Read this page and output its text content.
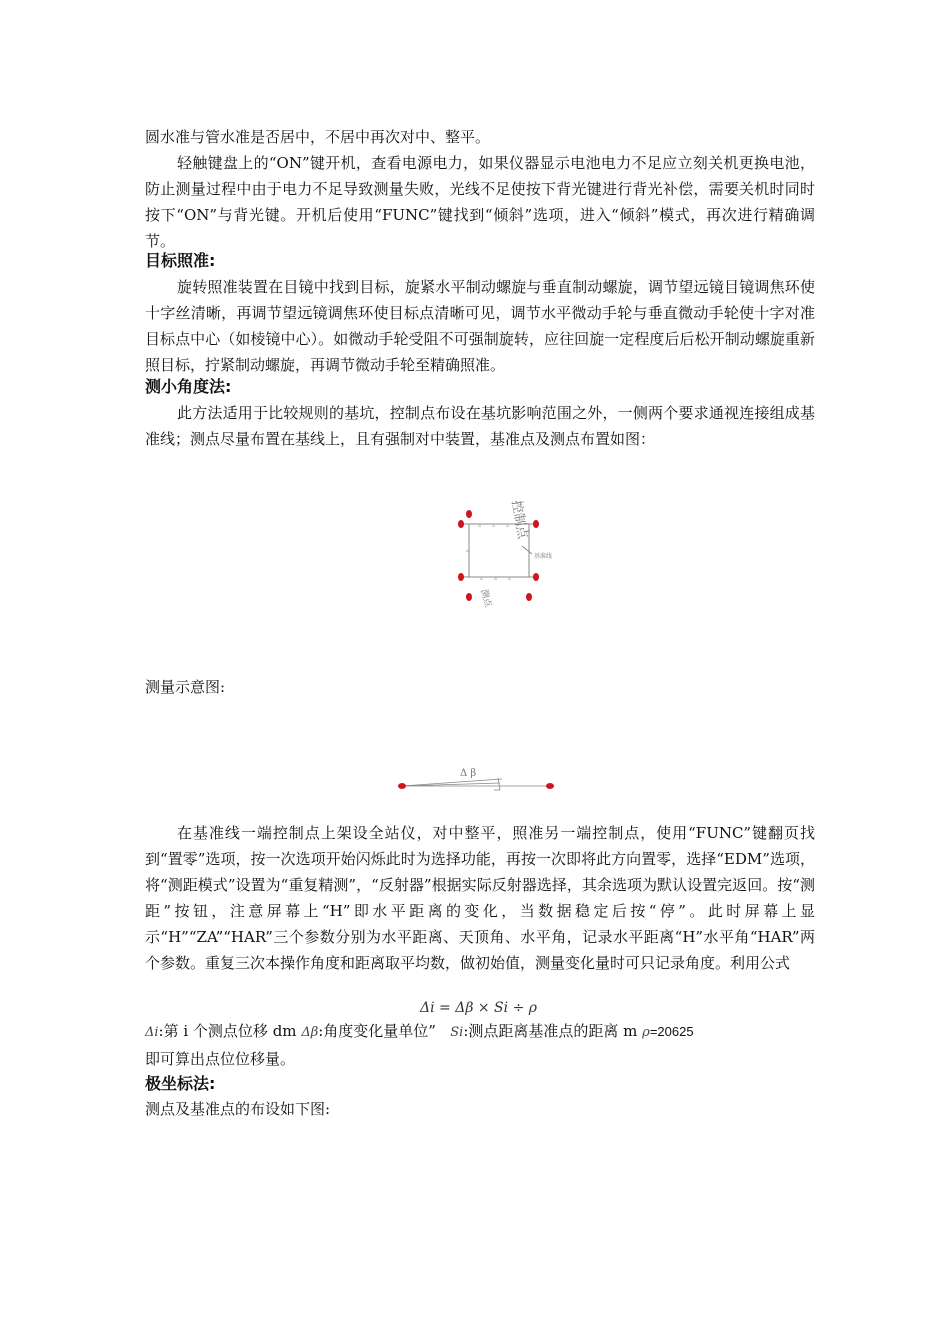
圆水准与管水准是否居中，不居中再次对中、整平。

轻触键盘上的“ON”键开机，查看电源电力，如果仪器显示电池电力不足应立刻关机更换电池，防止测量过程中由于电力不足导致测量失败，光线不足使按下背光键进行背光补偿，需要关机时同时按下“ON”与背光键。开机后使用“FUNC”键找到“倾斜”选项，进入“倾斜”模式，再次进行精确调节。

目标照准:

旋转照准装置在目镜中找到目标，旋紧水平制动螺旋与垂直制动螺旋，调节望远镜目镜调焦环使十字丝清晰，再调节望远镜调焦环使目标点清晰可见，调节水平微动手轮与垂直微动手轮使十字对准目标点中心（如棱镜中心）。如微动手轮受阻不可强制旋转，应往回旋一定程度后后松开制动螺旋重新照目标，拧紧制动螺旋，再调节微动手轮至精确照准。

测小角度法:

此方法适用于比较规则的基坑，控制点布设在基坑影响范围之外，一侧两个要求通视连接组成基准线；测点尽量布置在基线上，且有强制对中装置，基准点及测点布置如图：

▵ ▵ ▵
▵
▵ ▵ ▵
控制点
基准线
测点

测量示意图:

Δ β

在基准线一端控制点上架设全站仪，对中整平，照准另一端控制点，使用“FUNC”键翻页找到“置零”选项，按一次选项开始闪烁此时为选择功能，再按一次即将此方向置零，选择“EDM”选项，将“测距模式”设置为“重复精测”，“反射器”根据实际反射器选择，其余选项为默认设置完返回。按“测距”按钮，注意屏幕上“H”即水平距离的变化，当数据稳定后按“停”。此时屏幕上显示“H”“ZA”“HAR”三个参数分别为水平距离、天顶角、水平角，记录水平距离“H”水平角“HAR”两个参数。重复三次本操作角度和距离取平均数，做初始值，测量变化量时可只记录角度。利用公式

Δi = Δβ × Si ÷ ρ
Δi:第 i 个测点位移 dm Δβ:角度变化量单位” Si:测点距离基准点的距离 m ρ=20625

即可算出点位位移量。

极坐标法:

测点及基准点的布设如下图:
